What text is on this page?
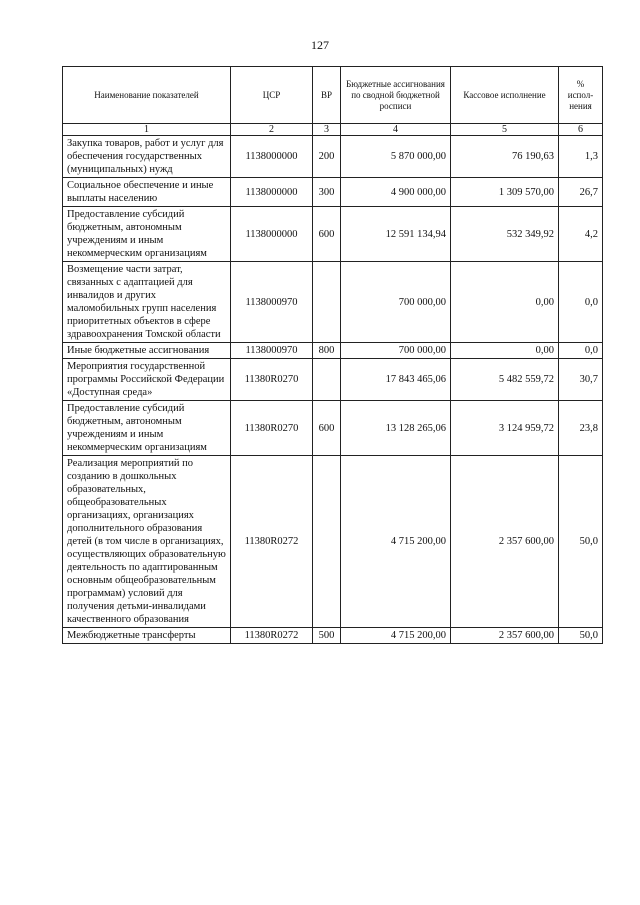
127
Наименование показателей	ЦСР	ВР	Бюджетные ассигнования по сводной бюджетной росписи	Кассовое исполнение	% испол-нения
1	2	3	4	5	6
Закупка товаров, работ и услуг для обеспечения государственных (муниципальных) нужд	1138000000	200	5 870 000,00	76 190,63	1,3
Социальное обеспечение и иные выплаты населению	1138000000	300	4 900 000,00	1 309 570,00	26,7
Предоставление субсидий бюджетным, автономным учреждениям и иным некоммерческим организациям	1138000000	600	12 591 134,94	532 349,92	4,2
Возмещение части затрат, связанных с адаптацией для инвалидов и других маломобильных групп населения приоритетных объектов в сфере здравоохранения Томской области	1138000970		700 000,00	0,00	0,0
Иные бюджетные ассигнования	1138000970	800	700 000,00	0,00	0,0
Мероприятия государственной программы Российской Федерации «Доступная среда»	11380R0270		17 843 465,06	5 482 559,72	30,7
Предоставление субсидий бюджетным, автономным учреждениям и иным некоммерческим организациям	11380R0270	600	13 128 265,06	3 124 959,72	23,8
Реализация мероприятий по созданию в дошкольных образовательных, общеобразовательных организациях, организациях дополнительного образования детей (в том числе в организациях, осуществляющих образовательную деятельность по адаптированным основным общеобразовательным программам) условий для получения детьми-инвалидами качественного образования	11380R0272		4 715 200,00	2 357 600,00	50,0
Межбюджетные трансферты	11380R0272	500	4 715 200,00	2 357 600,00	50,0
